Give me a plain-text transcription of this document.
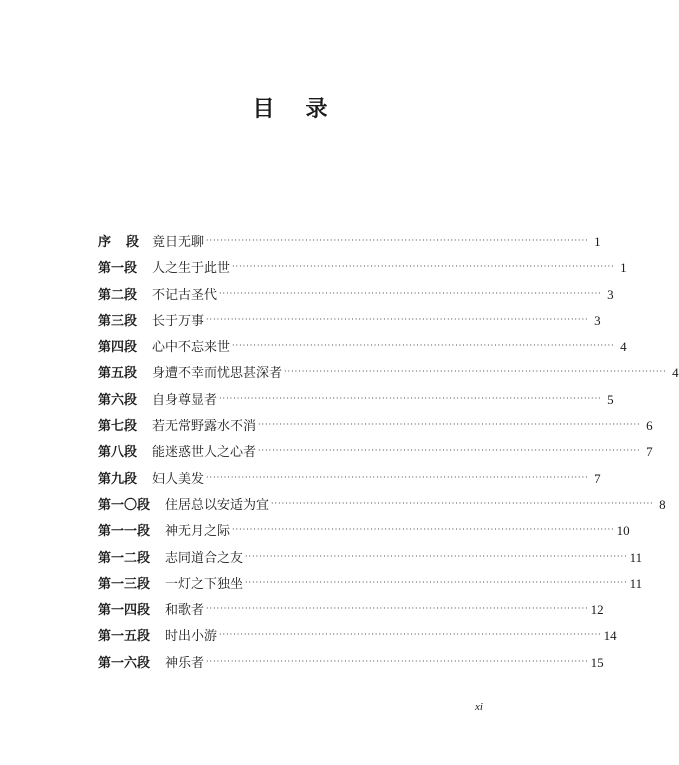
目 录
序 段 竟日无聊 ············································································································ 1
第一段	人之生于此世 ············································································································ 1
第二段	不记古圣代 ············································································································ 3
第三段	长于万事 ············································································································ 3
第四段	心中不忘来世 ············································································································ 4
第五段	身遭不幸而忧思甚深者 ············································································································ 4
第六段	自身尊显者 ············································································································ 5
第七段	若无常野露水不消 ············································································································ 6
第八段	能迷惑世人之心者 ············································································································ 7
第九段	妇人美发 ············································································································ 7
第一〇段	住居总以安适为宜 ············································································································ 8
第一一段	神无月之际 ············································································································ 10
第一二段	志同道合之友 ············································································································ 11
第一三段	一灯之下独坐 ············································································································ 11
第一四段	和歌者 ············································································································ 12
第一五段	时出小游 ············································································································ 14
第一六段	神乐者 ············································································································ 15
xi
